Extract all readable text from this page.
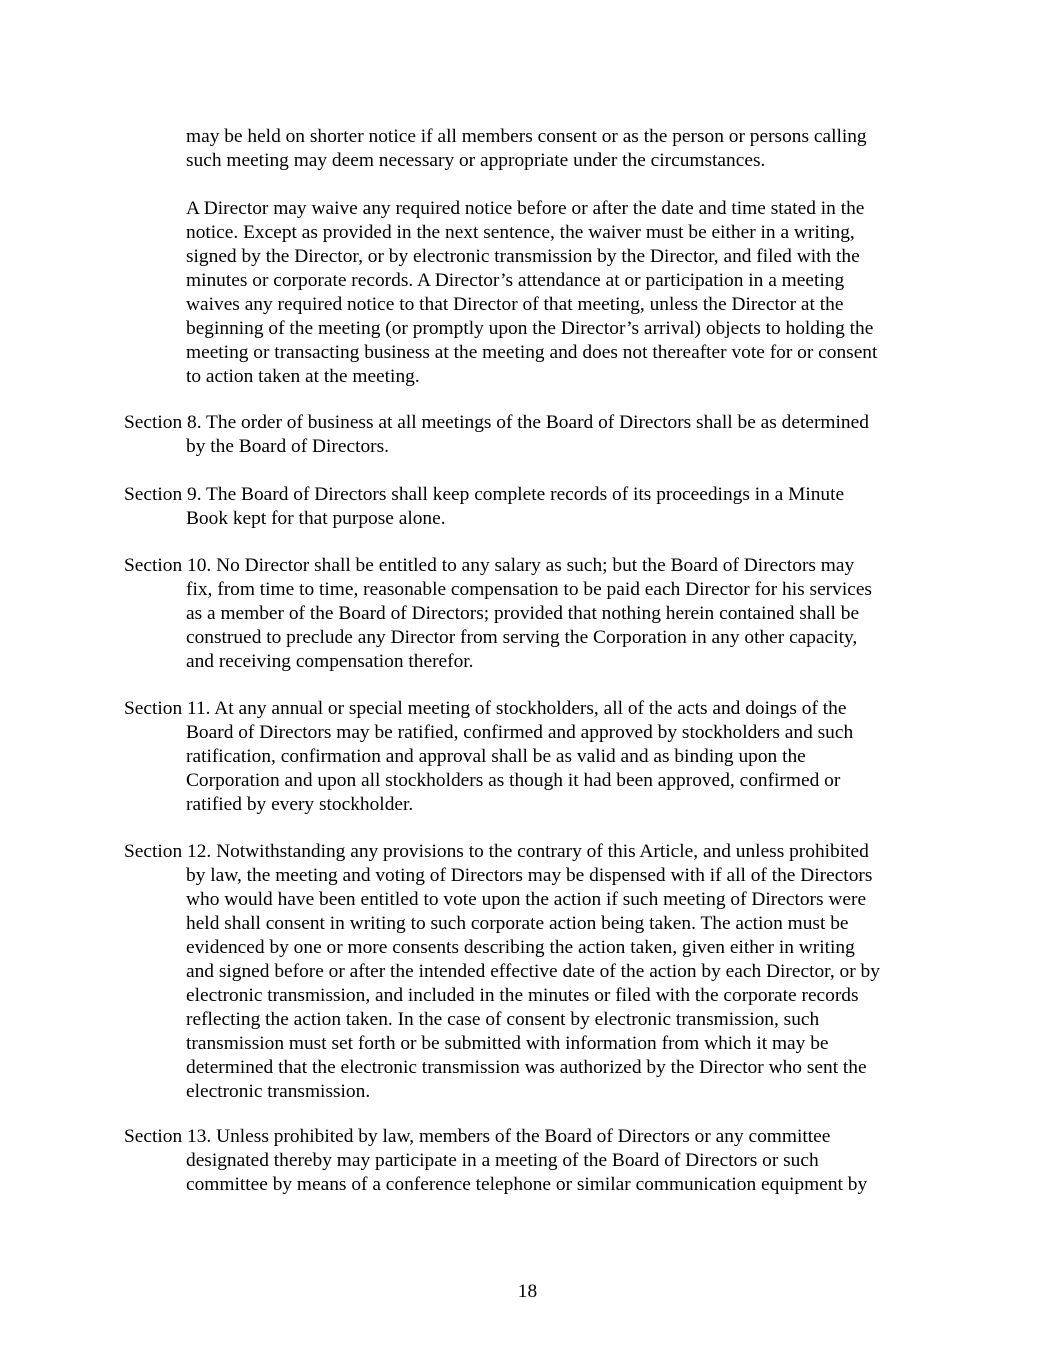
may be held on shorter notice if all members consent or as the person or persons calling
such meeting may deem necessary or appropriate under the circumstances.

A Director may waive any required notice before or after the date and time stated in the
notice. Except as provided in the next sentence, the waiver must be either in a writing,
signed by the Director, or by electronic transmission by the Director, and filed with the
minutes or corporate records. A Director’s attendance at or participation in a meeting
waives any required notice to that Director of that meeting, unless the Director at the
beginning of the meeting (or promptly upon the Director’s arrival) objects to holding the
meeting or transacting business at the meeting and does not thereafter vote for or consent
to action taken at the meeting.

Section 8. The order of business at all meetings of the Board of Directors shall be as determined
by the Board of Directors.

Section 9. The Board of Directors shall keep complete records of its proceedings in a Minute
Book kept for that purpose alone.

Section 10. No Director shall be entitled to any salary as such; but the Board of Directors may
fix, from time to time, reasonable compensation to be paid each Director for his services
as a member of the Board of Directors; provided that nothing herein contained shall be
construed to preclude any Director from serving the Corporation in any other capacity,
and receiving compensation therefor.

Section 11. At any annual or special meeting of stockholders, all of the acts and doings of the
Board of Directors may be ratified, confirmed and approved by stockholders and such
ratification, confirmation and approval shall be as valid and as binding upon the
Corporation and upon all stockholders as though it had been approved, confirmed or
ratified by every stockholder.

Section 12. Notwithstanding any provisions to the contrary of this Article, and unless prohibited
by law, the meeting and voting of Directors may be dispensed with if all of the Directors
who would have been entitled to vote upon the action if such meeting of Directors were
held shall consent in writing to such corporate action being taken. The action must be
evidenced by one or more consents describing the action taken, given either in writing
and signed before or after the intended effective date of the action by each Director, or by
electronic transmission, and included in the minutes or filed with the corporate records
reflecting the action taken. In the case of consent by electronic transmission, such
transmission must set forth or be submitted with information from which it may be
determined that the electronic transmission was authorized by the Director who sent the
electronic transmission.

Section 13. Unless prohibited by law, members of the Board of Directors or any committee
designated thereby may participate in a meeting of the Board of Directors or such
committee by means of a conference telephone or similar communication equipment by

18
